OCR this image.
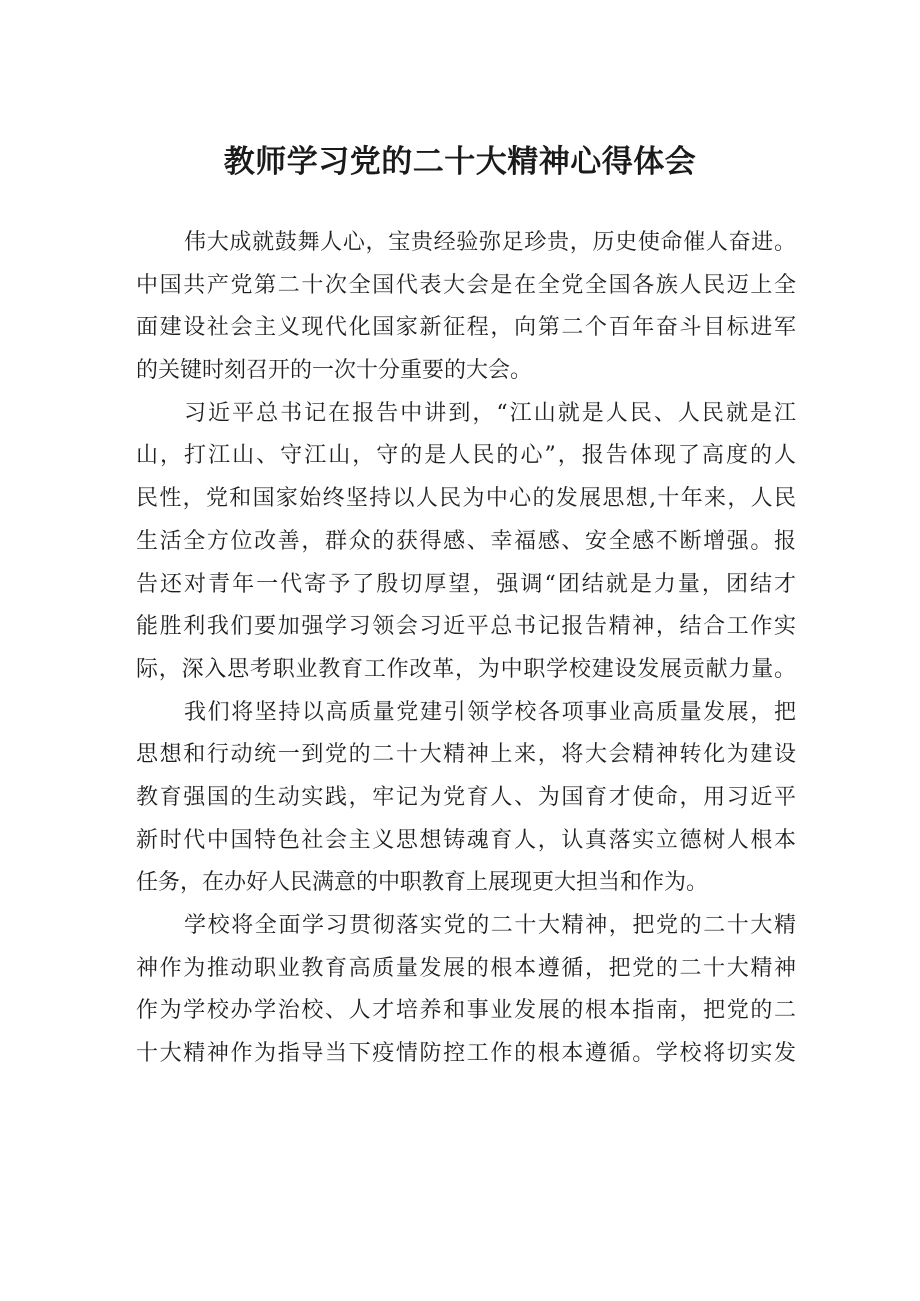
教师学习党的二十大精神心得体会
伟大成就鼓舞人心，宝贵经验弥足珍贵，历史使命催人奋进。
中国共产党第二十次全国代表大会是在全党全国各族人民迈上全
面建设社会主义现代化国家新征程，向第二个百年奋斗目标进军
的关键时刻召开的一次十分重要的大会。
习近平总书记在报告中讲到，“江山就是人民、人民就是江
山，打江山、守江山，守的是人民的心”，报告体现了高度的人
民性，党和国家始终坚持以人民为中心的发展思想,十年来，人民
生活全方位改善，群众的获得感、幸福感、安全感不断增强。报
告还对青年一代寄予了殷切厚望，强调“团结就是力量，团结才
能胜利我们要加强学习领会习近平总书记报告精神，结合工作实
际，深入思考职业教育工作改革，为中职学校建设发展贡献力量。
我们将坚持以高质量党建引领学校各项事业高质量发展，把
思想和行动统一到党的二十大精神上来，将大会精神转化为建设
教育强国的生动实践，牢记为党育人、为国育才使命，用习近平
新时代中国特色社会主义思想铸魂育人，认真落实立德树人根本
任务，在办好人民满意的中职教育上展现更大担当和作为。
学校将全面学习贯彻落实党的二十大精神，把党的二十大精
神作为推动职业教育高质量发展的根本遵循，把党的二十大精神
作为学校办学治校、人才培养和事业发展的根本指南，把党的二
十大精神作为指导当下疫情防控工作的根本遵循。学校将切实发
